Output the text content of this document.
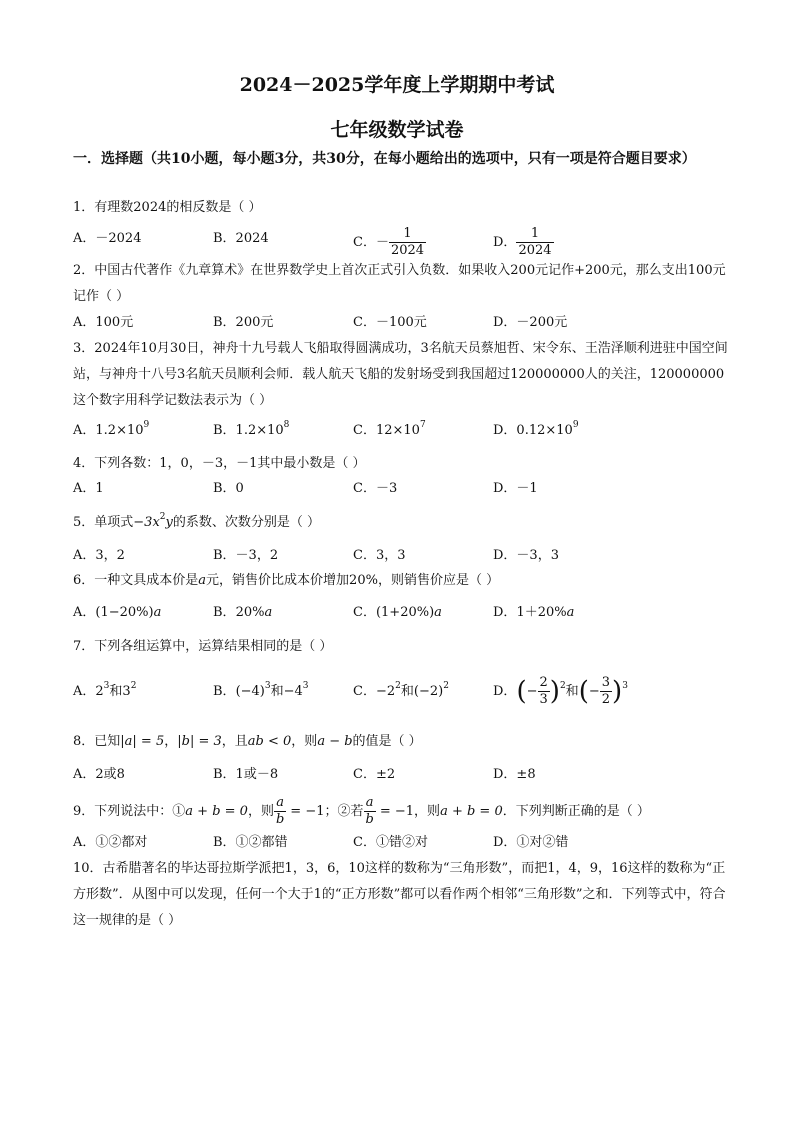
2024－2025学年度上学期期中考试
七年级数学试卷
一．选择题（共10小题，每小题3分，共30分，在每小题给出的选项中，只有一项是符合题目要求）
1．有理数2024的相反数是（ ）
A．－2024	B．2024	C．－ $\frac{1}{2024}$	D． $\frac{1}{2024}$
2．中国古代著作《九章算术》在世界数学史上首次正式引入负数．如果收入200元记作+200元，那么支出100元记作（ ）
A．100元	B．200元	C．－100元	D．－200元
3．2024年10月30日，神舟十九号载人飞船取得圆满成功，3名航天员蔡旭哲、宋令东、王浩泽顺利进驻中国空间站，与神舟十八号3名航天员顺利会师．载人航天飞船的发射场受到我国超过120000000人的关注，120000000这个数字用科学记数法表示为（ ）
A．$1.2\times 10^9$	B．$1.2\times 10^8$	C．$12\times 10^7$	D．$0.12\times 10^9$
4．下列各数：1，0，－3，－1其中最小数是（ ）
A．1	B．0	C．－3	D．－1
5．单项式$-3x^2y$的系数、次数分别是（ ）
A．3，2	B．－3，2	C．3，3	D．－3，3
6．一种文具成本价是a元，销售价比成本价增加20%，则销售价应是（ ）
A．(1−20%)a	B．20%a	C．(1+20%)a	D．1＋20%a
7．下列各组运算中，运算结果相同的是（ ）
A．$2^3$和$3^2$	B．$(-4)^3$和$-4^3$	C．$-2^2$和$(-2)^2$	D．(− $\frac{2}{3} )^2$和(− $\frac{3}{2} )^3$
8．已知|a| = 5，|b| = 3，且ab < 0，则a − b的值是（ ）
A．2或8	B．1或－8	C．±2	D．±8
9．下列说法中：①a + b = 0，则 $\frac{a}{b} = -1$；②若 $\frac{a}{b} = -1$，则a + b = 0．下列判断正确的是（ ）
A．①②都对	B．①②都错	C．①错②对	D．①对②错
10．古希腊著名的毕达哥拉斯学派把1，3，6，10这样的数称为“三角形数”，而把1，4，9，16这样的数称为“正方形数”．从图中可以发现，任何一个大于1的“正方形数”都可以看作两个相邻“三角形数”之和．下列等式中，符合这一规律的是（ ）
